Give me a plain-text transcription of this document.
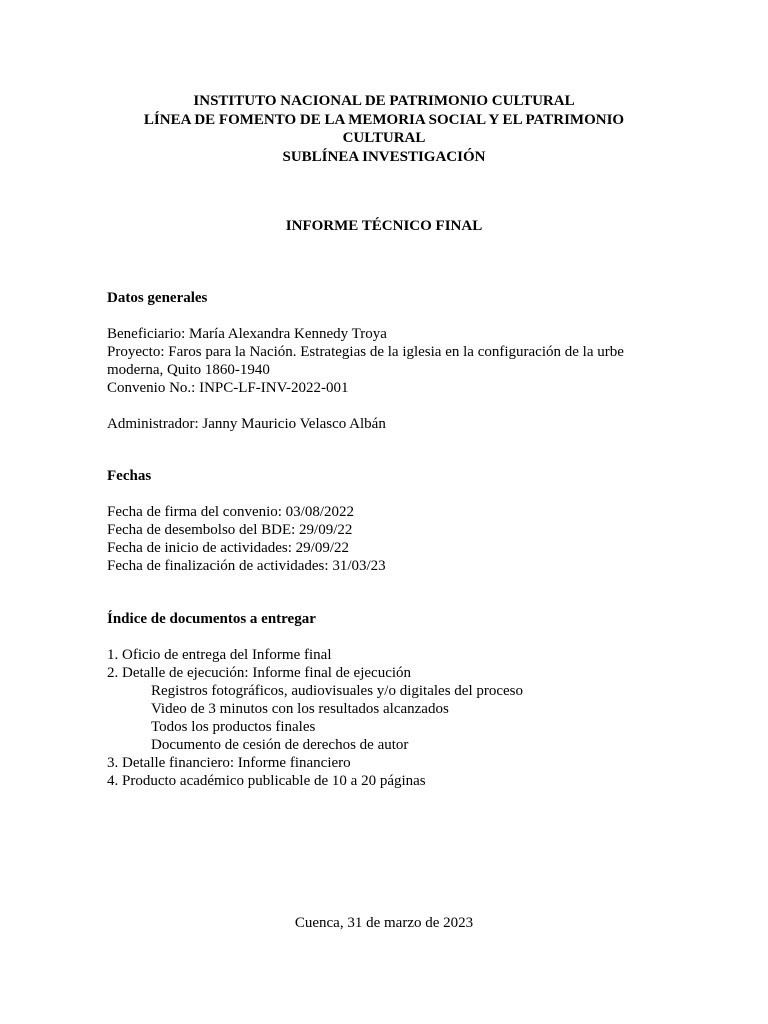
INSTITUTO NACIONAL DE PATRIMONIO CULTURAL
LÍNEA DE FOMENTO DE LA MEMORIA SOCIAL Y EL PATRIMONIO CULTURAL
SUBLÍNEA INVESTIGACIÓN
INFORME TÉCNICO FINAL
Datos generales
Beneficiario: María Alexandra Kennedy Troya
Proyecto: Faros para la Nación. Estrategias de la iglesia en la configuración de la urbe moderna, Quito 1860-1940
Convenio No.: INPC-LF-INV-2022-001
Administrador: Janny Mauricio Velasco Albán
Fechas
Fecha de firma del convenio: 03/08/2022
Fecha de desembolso del BDE: 29/09/22
Fecha de inicio de actividades: 29/09/22
Fecha de finalización de actividades: 31/03/23
Índice de documentos a entregar
1. Oficio de entrega del Informe final
2. Detalle de ejecución: Informe final de ejecución
Registros fotográficos, audiovisuales y/o digitales del proceso
Video de 3 minutos con los resultados alcanzados
Todos los productos finales
Documento de cesión de derechos de autor
3. Detalle financiero: Informe financiero
4. Producto académico publicable de 10 a 20 páginas
Cuenca, 31 de marzo de 2023
